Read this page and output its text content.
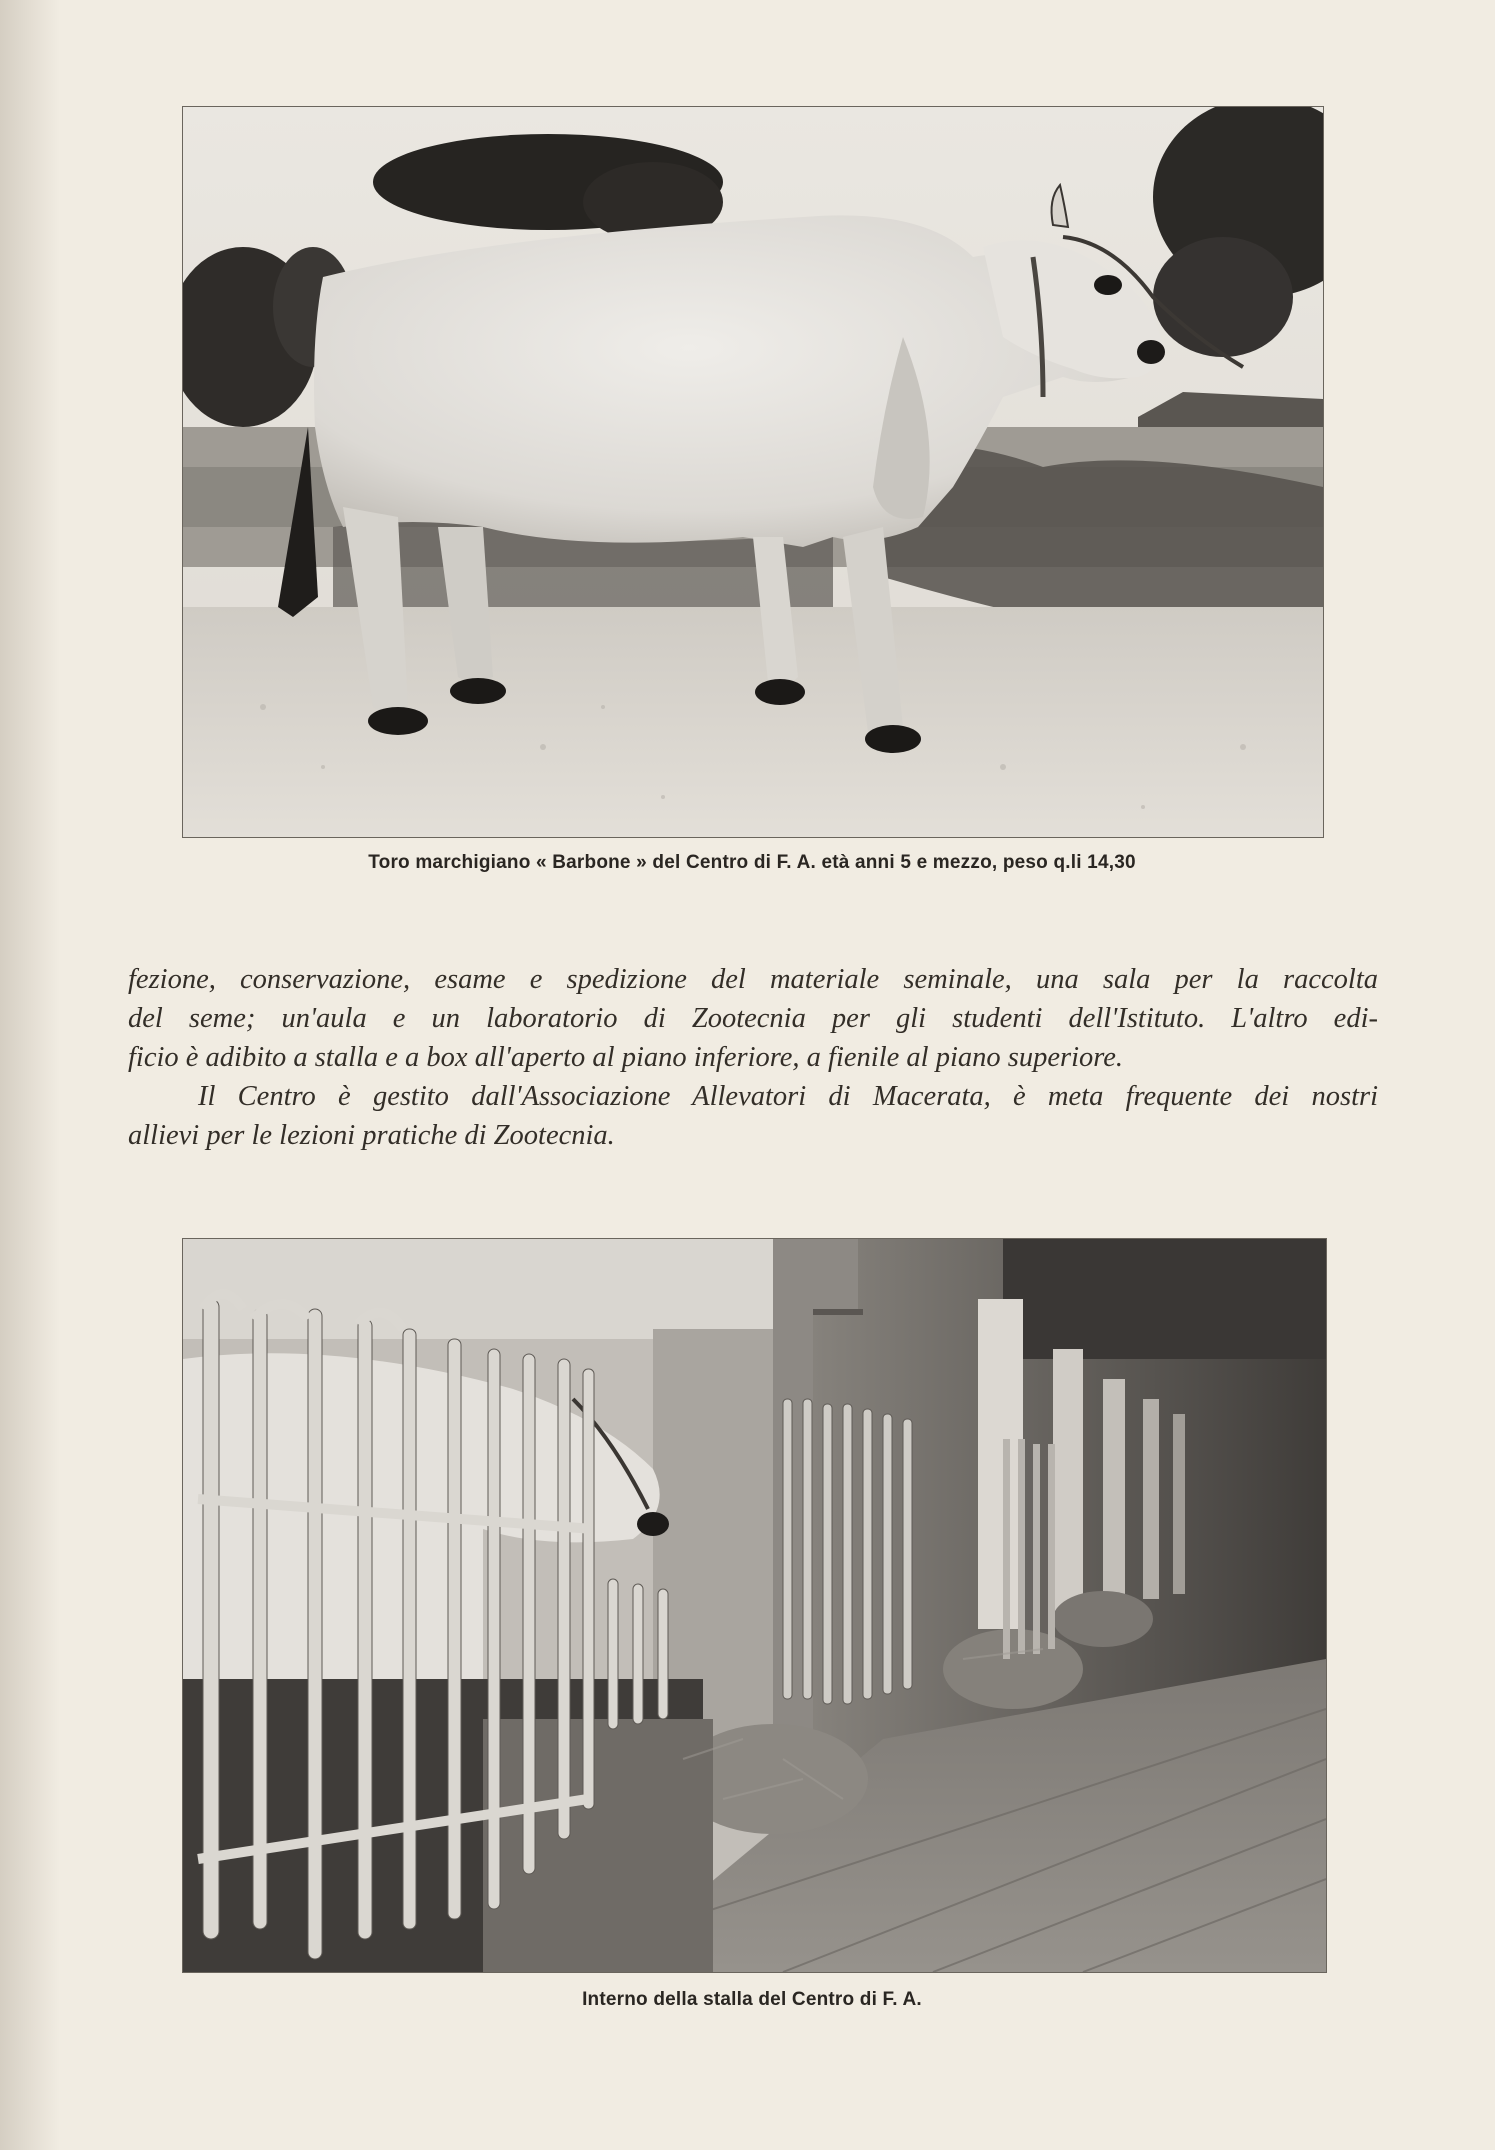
Toro marchigiano « Barbone » del Centro di F. A. età anni 5 e mezzo, peso q.li 14,30
fezione, conservazione, esame e spedizione del materiale seminale, una sala per la raccolta
del seme; un'aula e un laboratorio di Zootecnia per gli studenti dell'Istituto. L'altro edi-
ficio è adibito a stalla e a box all'aperto al piano inferiore, a fienile al piano superiore.
Il Centro è gestito dall'Associazione Allevatori di Macerata, è meta frequente dei nostri
allievi per le lezioni pratiche di Zootecnia.
Interno della stalla del Centro di F. A.
